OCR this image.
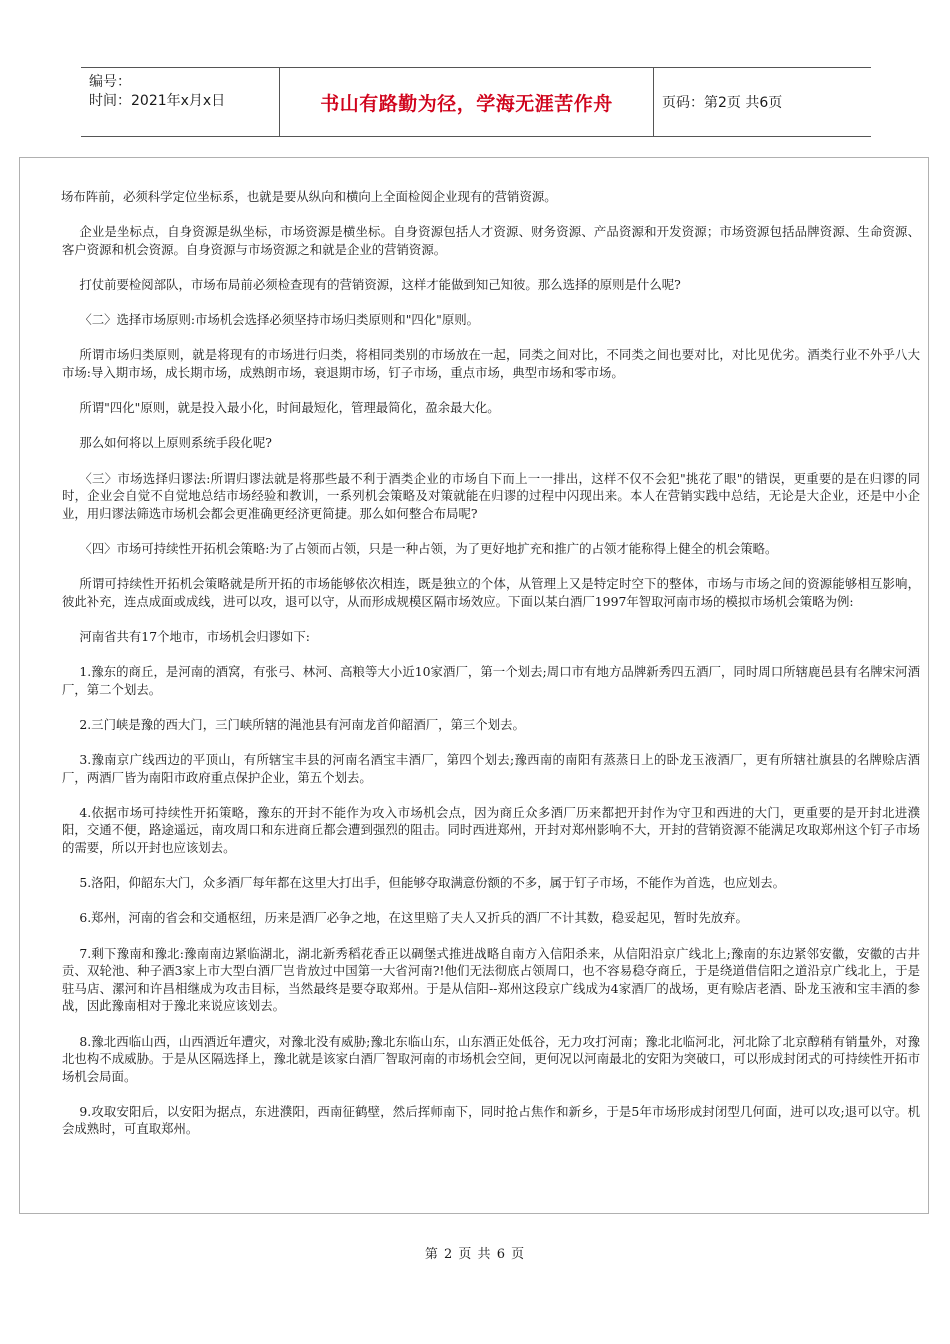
编号：
时间：2021年x月x日	书山有路勤为径，学海无涯苦作舟	页码：第2页 共6页

场布阵前，必须科学定位坐标系，也就是要从纵向和横向上全面检阅企业现有的营销资源。

企业是坐标点，自身资源是纵坐标，市场资源是横坐标。自身资源包括人才资源、财务资源、产品资源和开发资源；市场资源包括品牌资源、生命资源、客户资源和机会资源。自身资源与市场资源之和就是企业的营销资源。

打仗前要检阅部队，市场布局前必须检查现有的营销资源，这样才能做到知己知彼。那么选择的原则是什么呢?

〈二〉选择市场原则:市场机会选择必须坚持市场归类原则和"四化"原则。

所谓市场归类原则，就是将现有的市场进行归类，将相同类别的市场放在一起，同类之间对比，不同类之间也要对比，对比见优劣。酒类行业不外乎八大市场:导入期市场，成长期市场，成熟朗市场，衰退期市场，钉子市场，重点市场，典型市场和零市场。

所谓"四化"原则，就是投入最小化，时间最短化，管理最简化，盈余最大化。

那么如何将以上原则系统手段化呢?

〈三〉市场选择归谬法:所谓归谬法就是将那些最不利于酒类企业的市场自下而上一一排出，这样不仅不会犯"挑花了眼"的错误，更重要的是在归谬的同时，企业会自觉不自觉地总结市场经验和教训，一系列机会策略及对策就能在归谬的过程中闪现出来。本人在营销实践中总结，无论是大企业，还是中小企业，用归谬法筛选市场机会都会更准确更经济更简捷。那么如何整合布局呢?

〈四〉市场可持续性开拓机会策略:为了占领而占领，只是一种占领，为了更好地扩充和推广的占领才能称得上健全的机会策略。

所谓可持续性开拓机会策略就是所开拓的市场能够依次相连，既是独立的个体，从管理上又是特定时空下的整体，市场与市场之间的资源能够相互影响，彼此补充，连点成面或成线，进可以攻，退可以守，从而形成规模区隔市场效应。下面以某白酒厂1997年智取河南市场的模拟市场机会策略为例:

河南省共有17个地市，市场机会归谬如下:

1.豫东的商丘，是河南的酒窝，有张弓、林河、高粮等大小近10家酒厂，第一个划去;周口市有地方品牌新秀四五酒厂，同时周口所辖鹿邑县有名牌宋河酒厂，第二个划去。

2.三门峡是豫的西大门，三门峡所辖的渑池县有河南龙首仰韶酒厂，第三个划去。

3.豫南京广线西边的平顶山，有所辖宝丰县的河南名酒宝丰酒厂，第四个划去;豫西南的南阳有蒸蒸日上的卧龙玉液酒厂，更有所辖社旗县的名牌赊店酒厂，两酒厂皆为南阳市政府重点保护企业，第五个划去。

4.依据市场可持续性开拓策略，豫东的开封不能作为攻入市场机会点，因为商丘众多酒厂历来都把开封作为守卫和西进的大门，更重要的是开封北进濮阳，交通不便，路途遥远，南攻周口和东进商丘都会遭到强烈的阻击。同时西进郑州，开封对郑州影响不大，开封的营销资源不能满足攻取郑州这个钉子市场的需要，所以开封也应该划去。

5.洛阳，仰韶东大门，众多酒厂每年都在这里大打出手，但能够夺取满意份额的不多，属于钉子市场，不能作为首选，也应划去。

6.郑州，河南的省会和交通枢纽，历来是酒厂必争之地，在这里赔了夫人又折兵的酒厂不计其数，稳妥起见，暂时先放弃。

7.剩下豫南和豫北:豫南南边紧临湖北，湖北新秀稻花香正以碉堡式推进战略自南方入信阳杀来，从信阳沿京广线北上;豫南的东边紧邻安徽，安徽的古井贡、双轮池、种子酒3家上市大型白酒厂岂肯放过中国第一大省河南?!他们无法彻底占领周口，也不容易稳夺商丘，于是绕道借信阳之道沿京广线北上，于是驻马店、漯河和许昌相继成为攻击目标，当然最终是要夺取郑州。于是从信阳--郑州这段京广线成为4家酒厂的战场，更有赊店老酒、卧龙玉液和宝丰酒的参战，因此豫南相对于豫北来说应该划去。

8.豫北西临山西，山西酒近年遭灾，对豫北没有威胁;豫北东临山东，山东酒正处低谷，无力攻打河南；豫北北临河北，河北除了北京醇稍有销量外，对豫北也构不成威胁。于是从区隔选择上，豫北就是该家白酒厂智取河南的市场机会空间，更何况以河南最北的安阳为突破口，可以形成封闭式的可持续性开拓市场机会局面。

9.攻取安阳后，以安阳为据点，东进濮阳，西南征鹤壁，然后挥师南下，同时抢占焦作和新乡，于是5年市场形成封闭型几何面，进可以攻;退可以守。机会成熟时，可直取郑州。

第 2 页 共 6 页
